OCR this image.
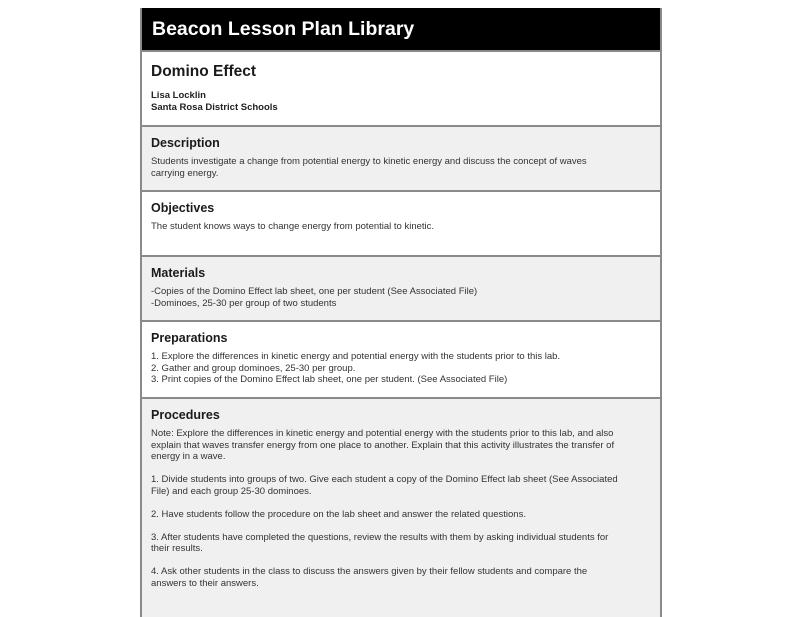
Beacon Lesson Plan Library
Domino Effect
Lisa Locklin
Santa Rosa District Schools
Description
Students investigate a change from potential energy to kinetic energy and discuss the concept of waves
carrying energy.
Objectives
The student knows ways to change energy from potential to kinetic.
Materials
-Copies of the Domino Effect lab sheet, one per student (See Associated File)
-Dominoes, 25-30 per group of two students
Preparations
1. Explore the differences in kinetic energy and potential energy with the students prior to this lab.
2. Gather and group dominoes, 25-30 per group.
3. Print copies of the Domino Effect lab sheet, one per student. (See Associated File)
Procedures
Note: Explore the differences in kinetic energy and potential energy with the students prior to this lab, and also
explain that waves transfer energy from one place to another. Explain that this activity illustrates the transfer of
energy in a wave.
1. Divide students into groups of two. Give each student a copy of the Domino Effect lab sheet (See Associated
File) and each group 25-30 dominoes.
2. Have students follow the procedure on the lab sheet and answer the related questions.
3. After students have completed the questions, review the results with them by asking individual students for
their results.
4. Ask other students in the class to discuss the answers given by their fellow students and compare the
answers to their answers.
